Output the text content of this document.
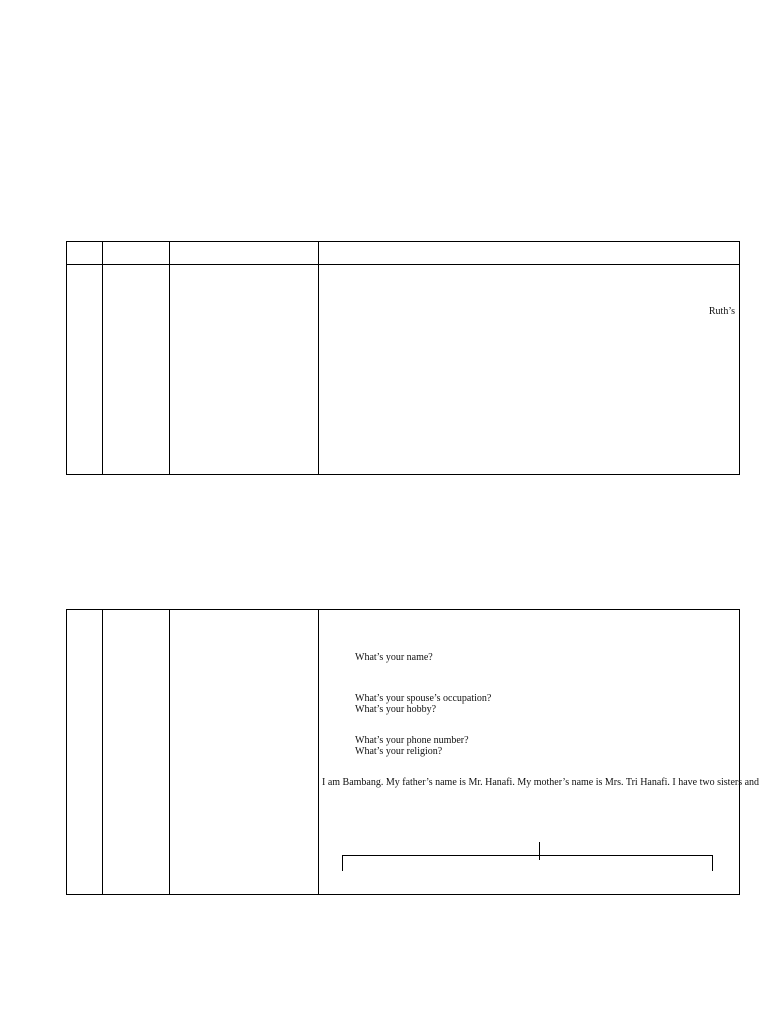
Ruth’s
What’s your name?
What’s your spouse’s occupation?
What’s your hobby?
What’s your phone number?
What’s your religion?
I am Bambang. My father’s name is Mr. Hanafi. My mother’s name is Mrs. Tri Hanafi. I have two sisters and
